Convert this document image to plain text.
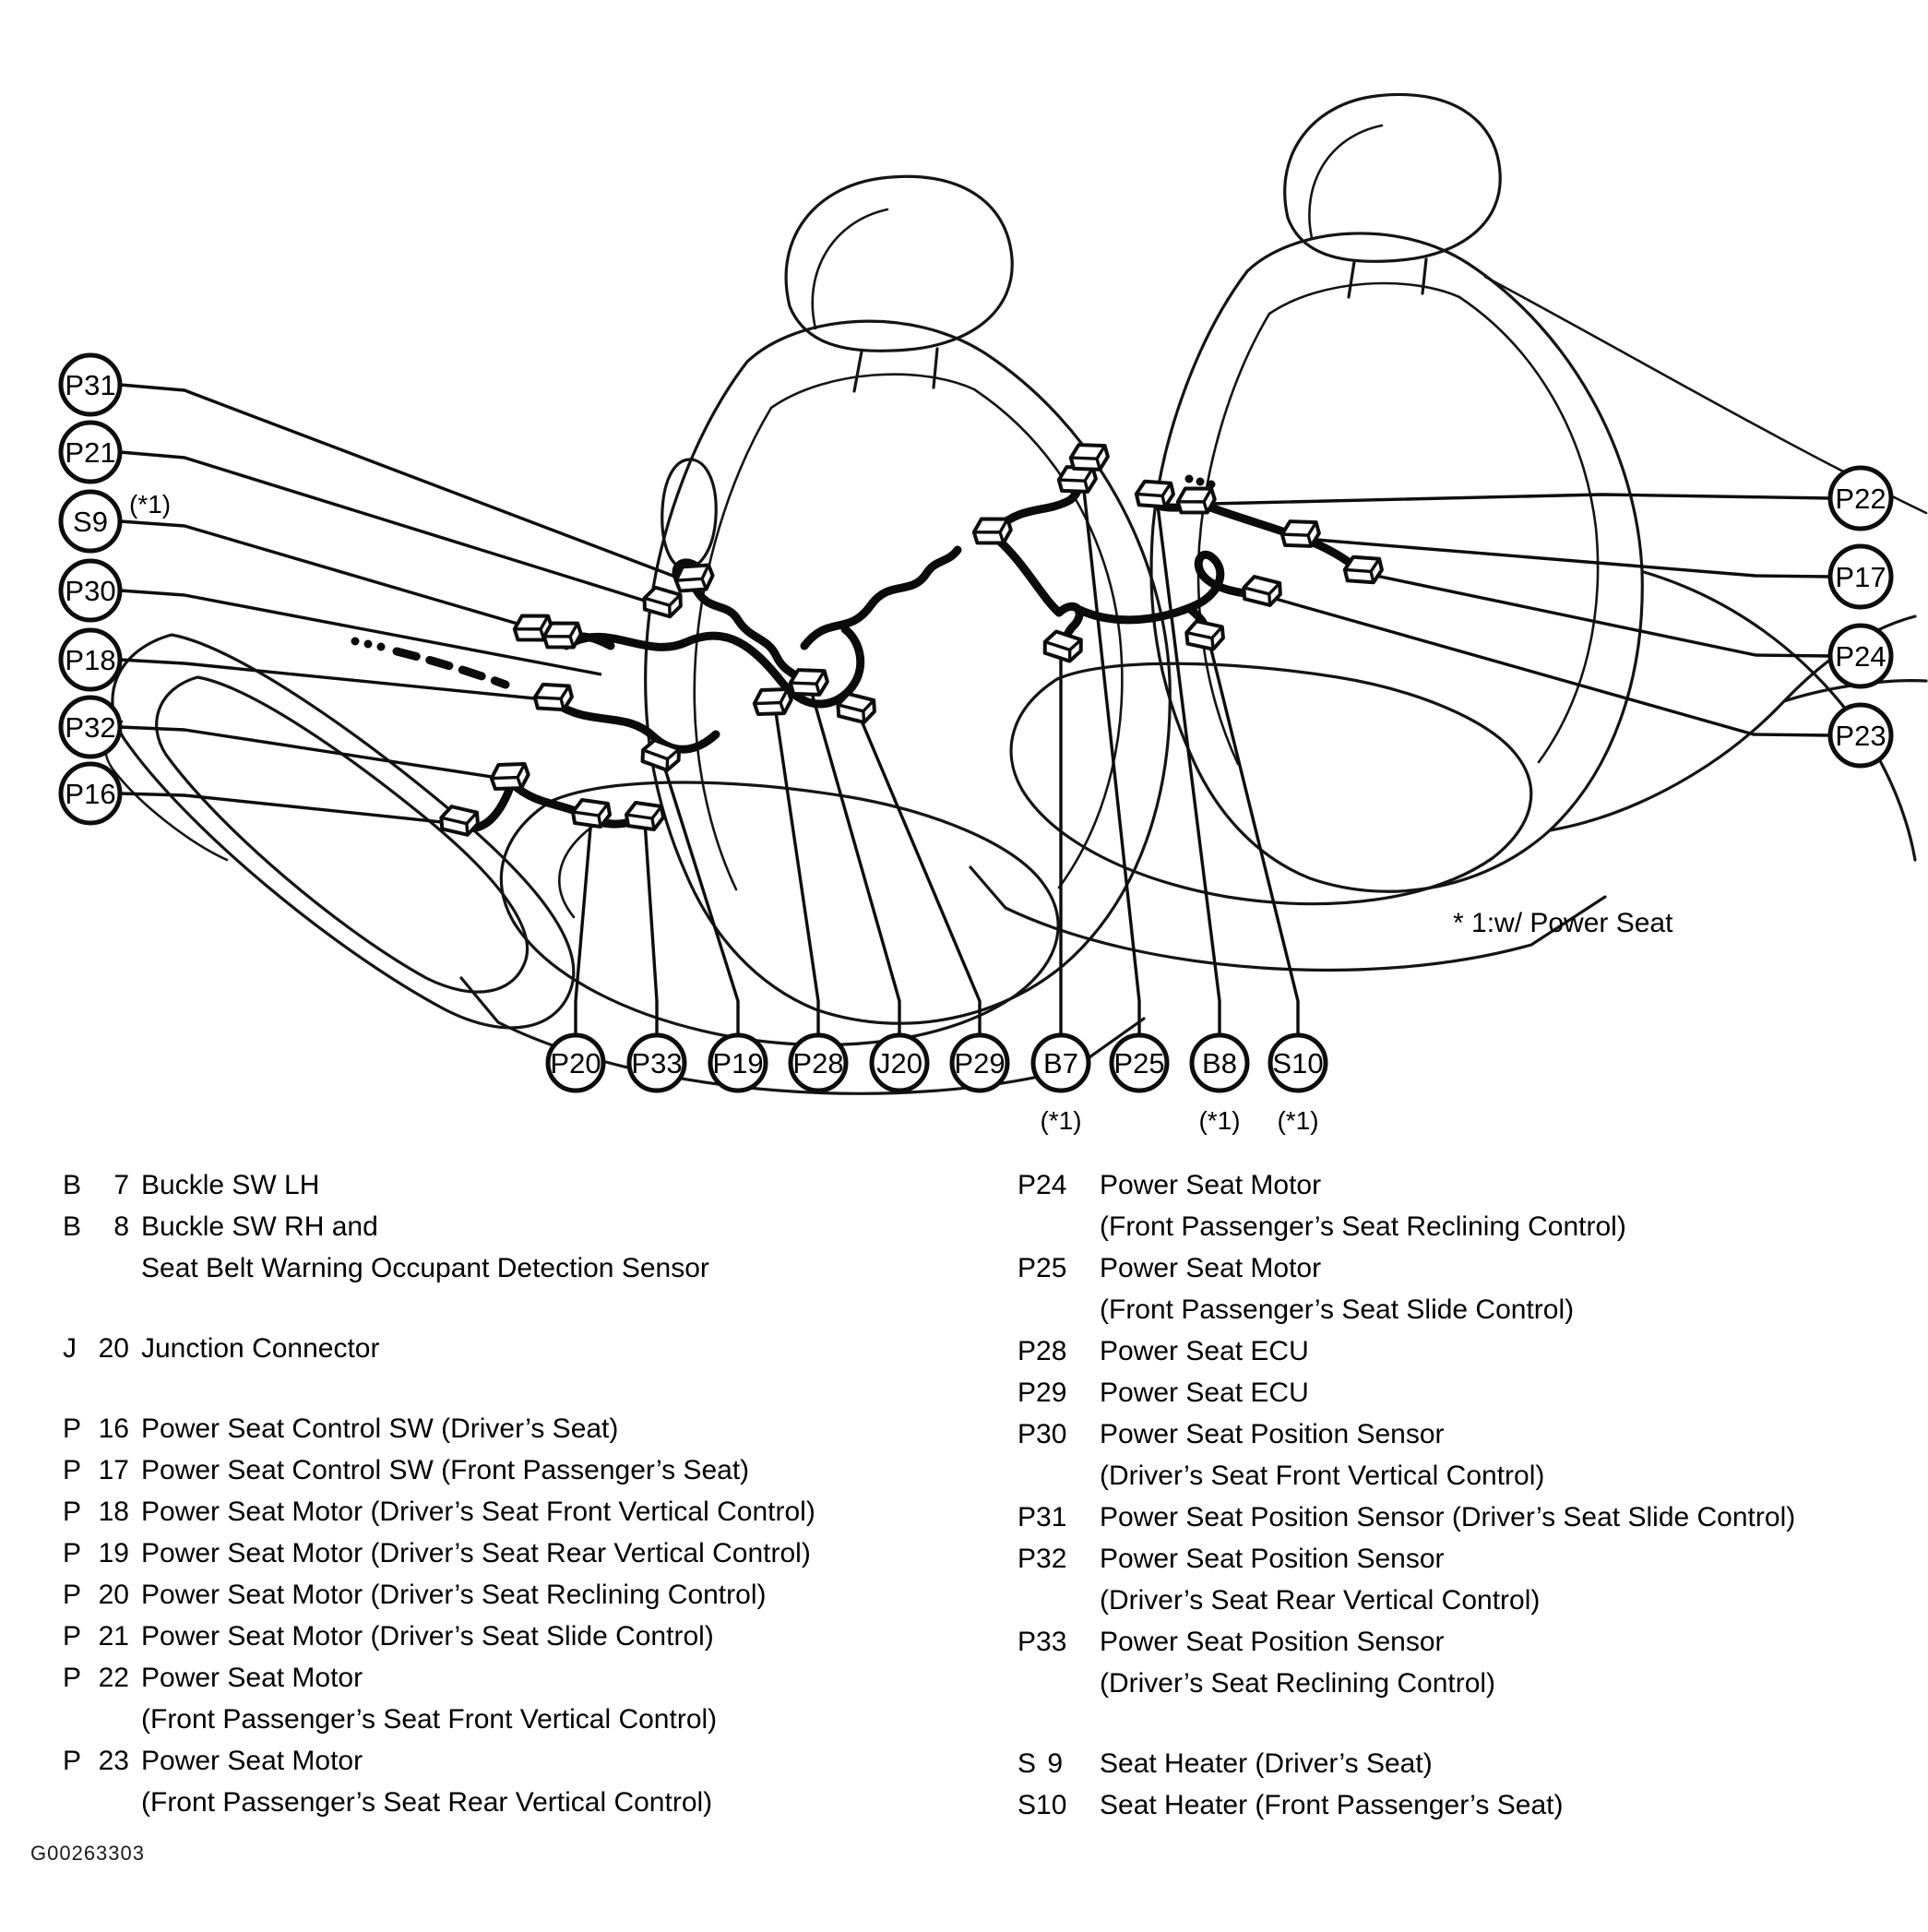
P31
P21
S9
(*1)
P30
P18
P32
P16
P22
P17
P24
P23
P20 P33 P19 P28 J20 P29 B7
(*1)
P25 B8
(*1)
S10
(*1)
* 1:w/ Power Seat
B 7 Buckle SW LH
B 8 Buckle SW RH and
Seat Belt Warning Occupant Detection Sensor
J 20 Junction Connector
P 16 Power Seat Control SW (Driver’s Seat)
P 17 Power Seat Control SW (Front Passenger’s Seat)
P 18 Power Seat Motor (Driver’s Seat Front Vertical Control)
P 19 Power Seat Motor (Driver’s Seat Rear Vertical Control)
P 20 Power Seat Motor (Driver’s Seat Reclining Control)
P 21 Power Seat Motor (Driver’s Seat Slide Control)
P 22 Power Seat Motor
(Front Passenger’s Seat Front Vertical Control)
P 23 Power Seat Motor
(Front Passenger’s Seat Rear Vertical Control)
P 24 Power Seat Motor
(Front Passenger’s Seat Reclining Control)
P 25 Power Seat Motor
(Front Passenger’s Seat Slide Control)
P 28 Power Seat ECU
P 29 Power Seat ECU
P 30 Power Seat Position Sensor
(Driver’s Seat Front Vertical Control)
P 31 Power Seat Position Sensor (Driver’s Seat Slide Control)
P 32 Power Seat Position Sensor
(Driver’s Seat Rear Vertical Control)
P 33 Power Seat Position Sensor
(Driver’s Seat Reclining Control)
S 9 Seat Heater (Driver’s Seat)
S 10 Seat Heater (Front Passenger’s Seat)
G00263303
